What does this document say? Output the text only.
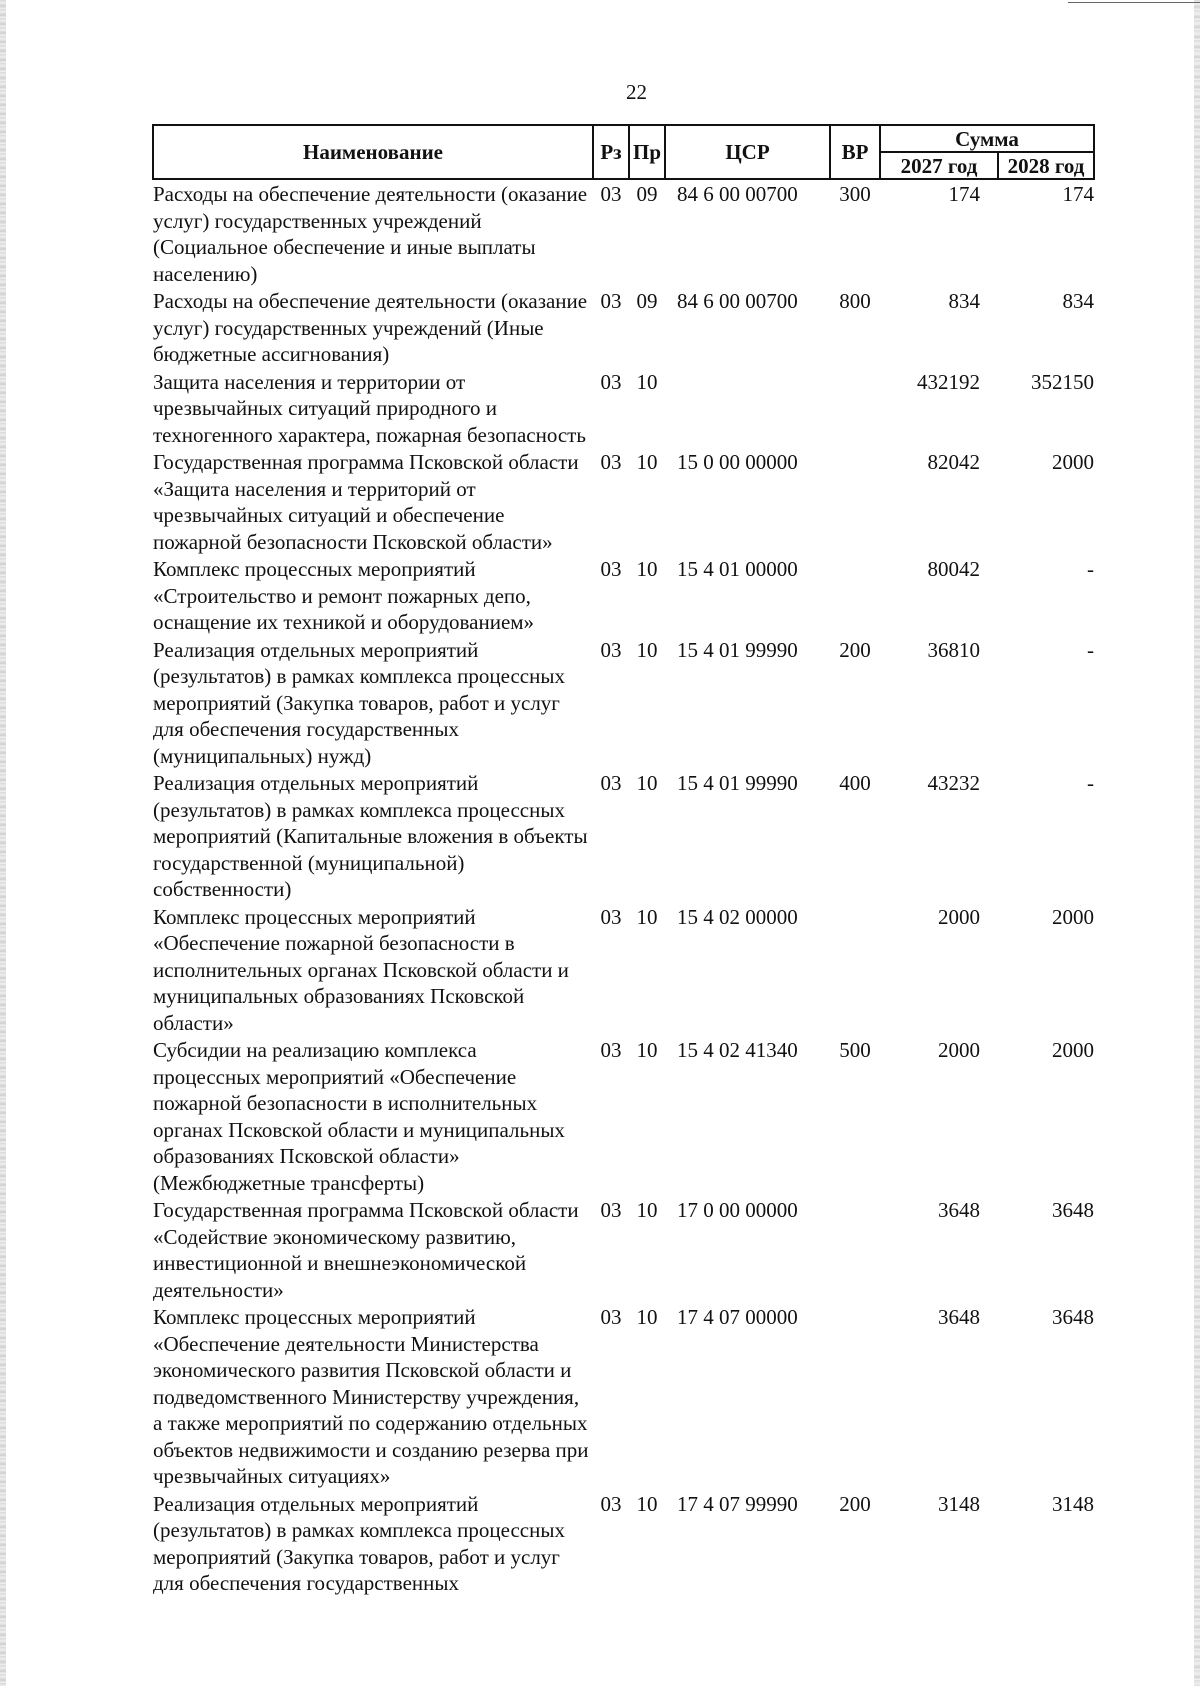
22
Наименование	Рз	Пр	ЦСР	ВР	Сумма	
					2027 год	2028 год
Расходы на обеспечение деятельности (оказание услуг) государственных учреждений (Социальное обеспечение и иные выплаты населению)	03	09	84 6 00 00700	300	174	174
Расходы на обеспечение деятельности (оказание услуг) государственных учреждений (Иные бюджетные ассигнования)	03	09	84 6 00 00700	800	834	834
Защита населения и территории от чрезвычайных ситуаций природного и техногенного характера, пожарная безопасность	03	10			432192	352150
Государственная программа Псковской области «Защита населения и территорий от чрезвычайных ситуаций и обеспечение пожарной безопасности Псковской области»	03	10	15 0 00 00000		82042	2000
Комплекс процессных мероприятий «Строительство и ремонт пожарных депо, оснащение их техникой и оборудованием»	03	10	15 4 01 00000		80042	-
Реализация отдельных мероприятий (результатов) в рамках комплекса процессных мероприятий (Закупка товаров, работ и услуг для обеспечения государственных (муниципальных) нужд)	03	10	15 4 01 99990	200	36810	-
Реализация отдельных мероприятий (результатов) в рамках комплекса процессных мероприятий (Капитальные вложения в объекты государственной (муниципальной) собственности)	03	10	15 4 01 99990	400	43232	-
Комплекс процессных мероприятий «Обеспечение пожарной безопасности в исполнительных органах Псковской области и муниципальных образованиях Псковской области»	03	10	15 4 02 00000		2000	2000
Субсидии на реализацию комплекса процессных мероприятий «Обеспечение пожарной безопасности в исполнительных органах Псковской области и муниципальных образованиях Псковской области» (Межбюджетные трансферты)	03	10	15 4 02 41340	500	2000	2000
Государственная программа Псковской области «Содействие экономическому развитию, инвестиционной и внешнеэкономической деятельности»	03	10	17 0 00 00000		3648	3648
Комплекс процессных мероприятий «Обеспечение деятельности Министерства экономического развития Псковской области и подведомственного Министерству учреждения, а также мероприятий по содержанию отдельных объектов недвижимости и созданию резерва при чрезвычайных ситуациях»	03	10	17 4 07 00000		3648	3648
Реализация отдельных мероприятий (результатов) в рамках комплекса процессных мероприятий (Закупка товаров, работ и услуг для обеспечения государственных	03	10	17 4 07 99990	200	3148	3148
